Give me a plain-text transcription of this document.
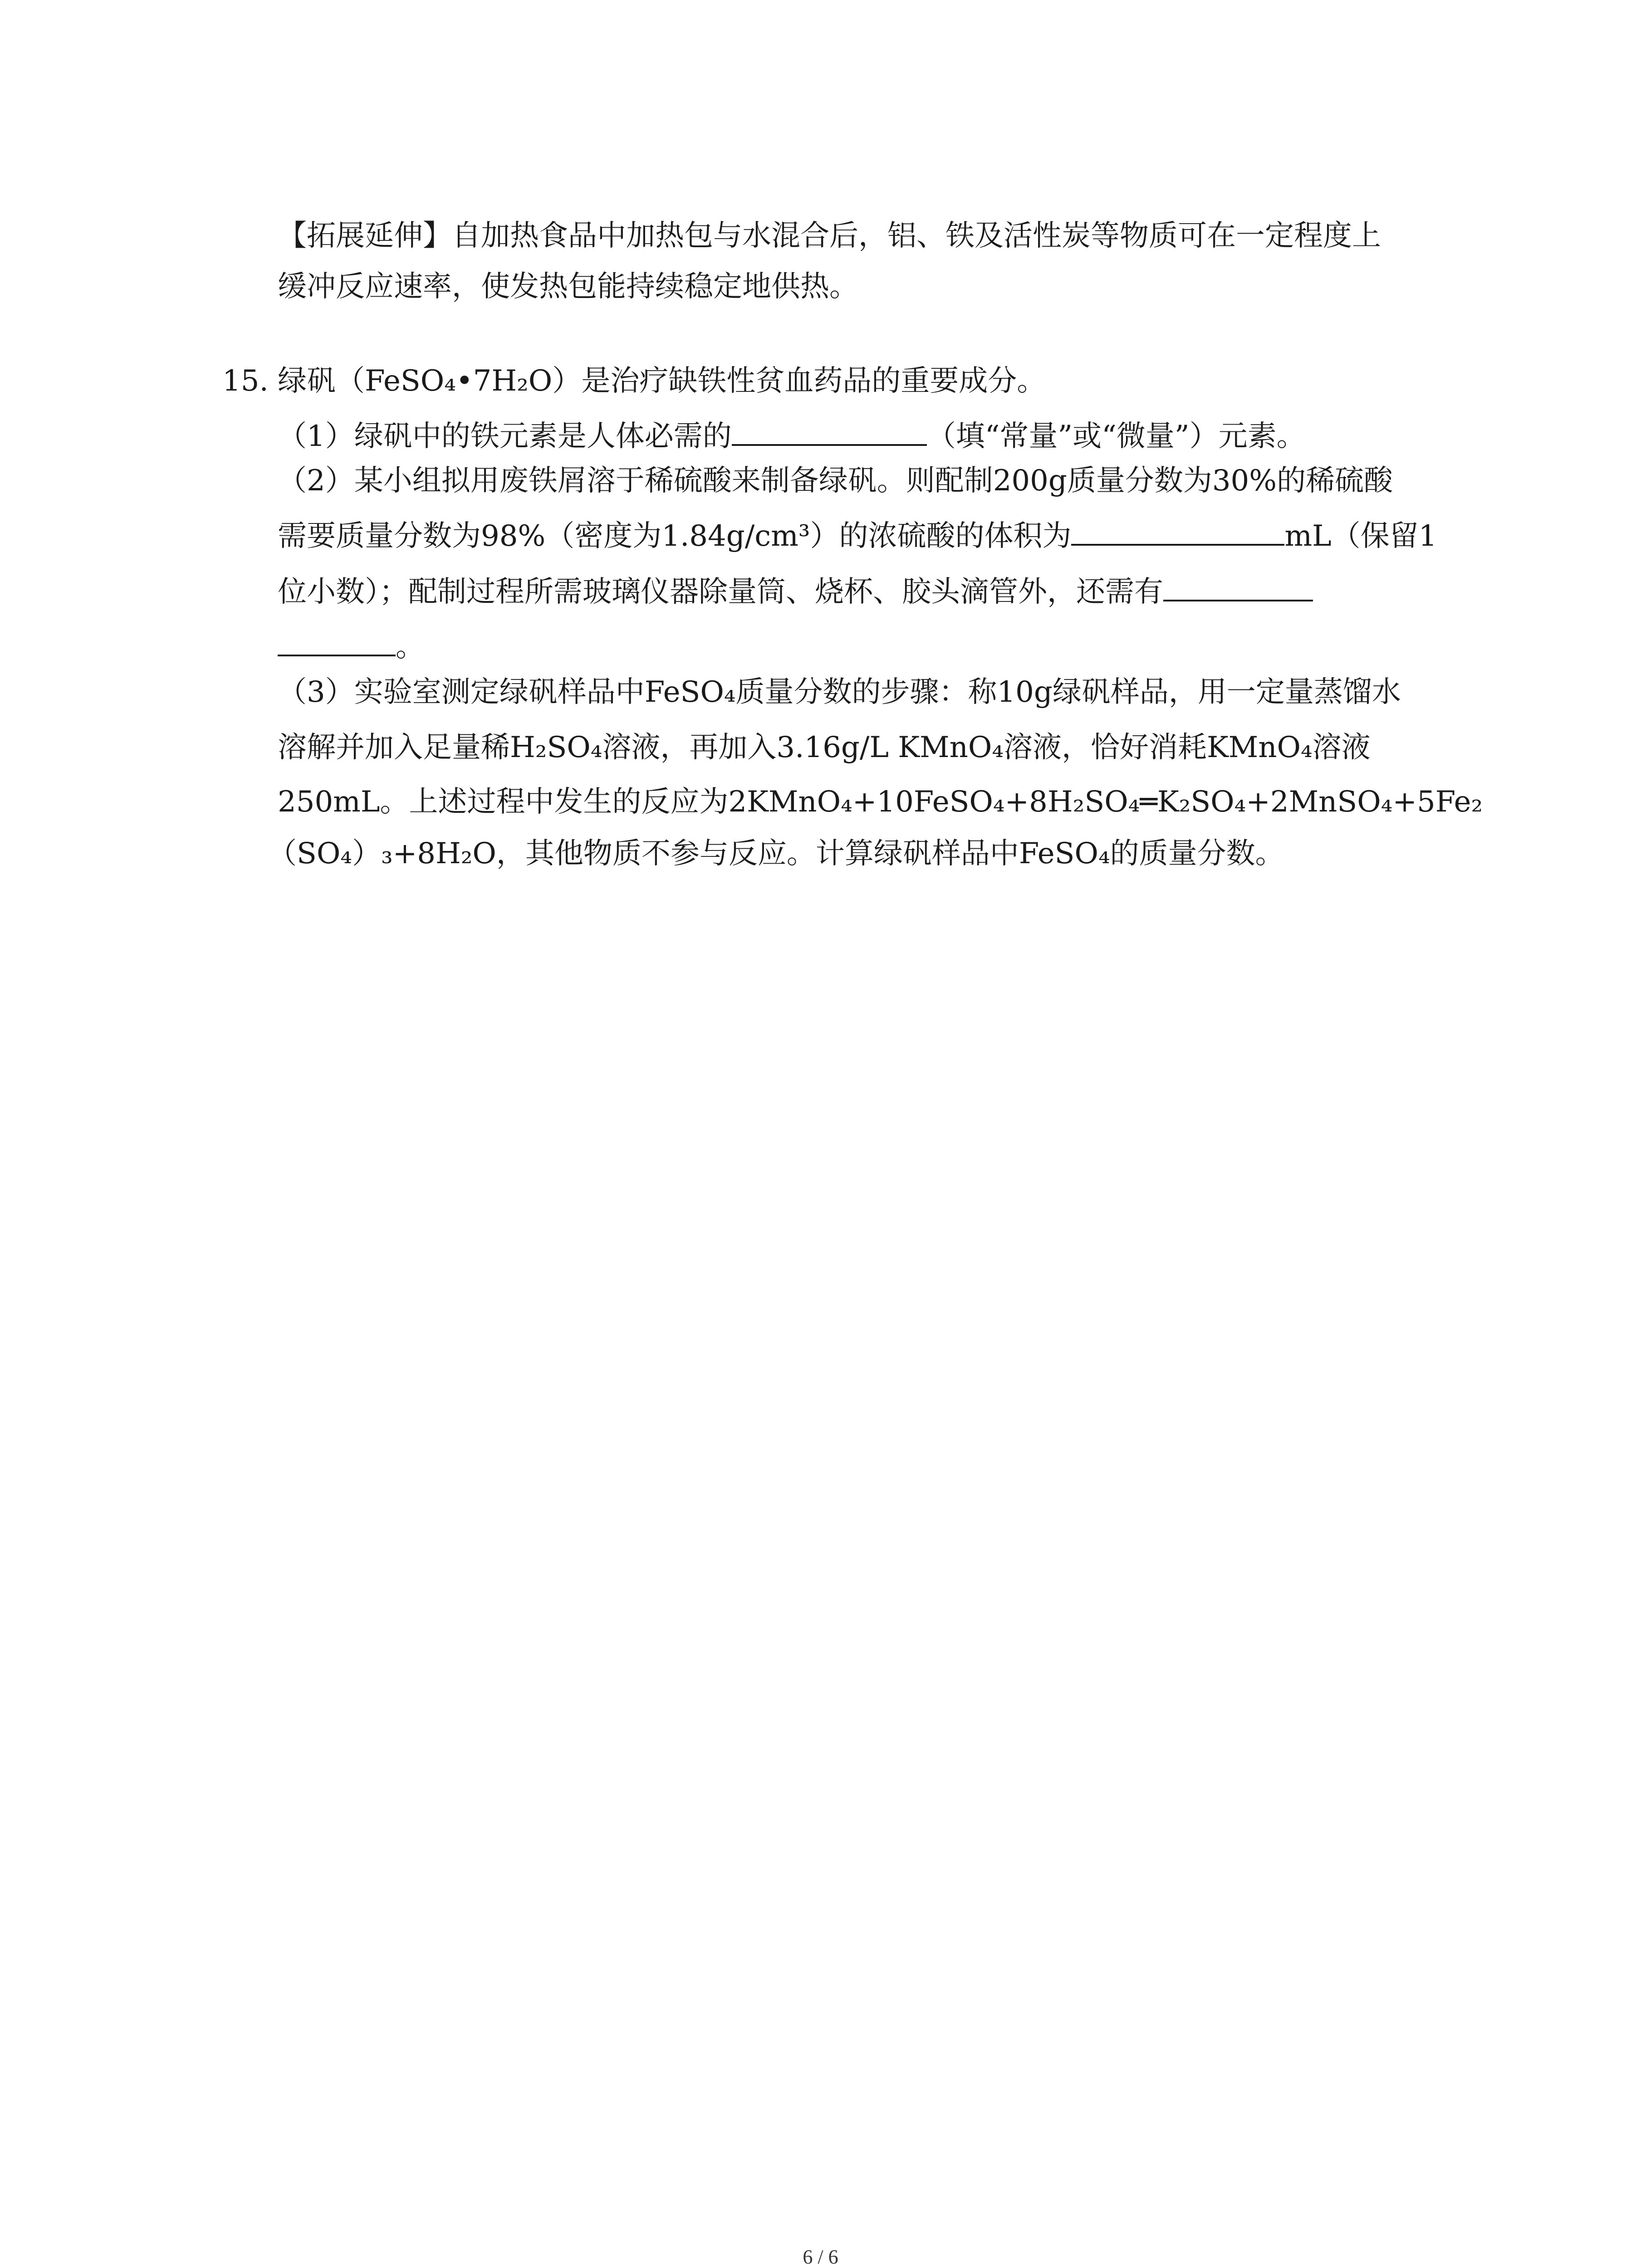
【拓展延伸】自加热食品中加热包与水混合后，铝、铁及活性炭等物质可在一定程度上
缓冲反应速率，使发热包能持续稳定地供热。
15. 绿矾（FeSO₄•7H₂O）是治疗缺铁性贫血药品的重要成分。
（1）绿矾中的铁元素是人体必需的	（填“常量”或“微量”）元素。
（2）某小组拟用废铁屑溶于稀硫酸来制备绿矾。则配制200g质量分数为30%的稀硫酸
需要质量分数为98%（密度为1.84g/cm³）的浓硫酸的体积为	mL（保留1
位小数）；配制过程所需玻璃仪器除量筒、烧杯、胶头滴管外，还需有
。
（3）实验室测定绿矾样品中FeSO₄质量分数的步骤：称10g绿矾样品，用一定量蒸馏水
溶解并加入足量稀H₂SO₄溶液，再加入3.16g/L KMnO₄溶液，恰好消耗KMnO₄溶液
250mL。上述过程中发生的反应为2KMnO₄+10FeSO₄+8H₂SO₄═K₂SO₄+2MnSO₄+5Fe₂
（SO₄）₃+8H₂O，其他物质不参与反应。计算绿矾样品中FeSO₄的质量分数。
6 / 6
